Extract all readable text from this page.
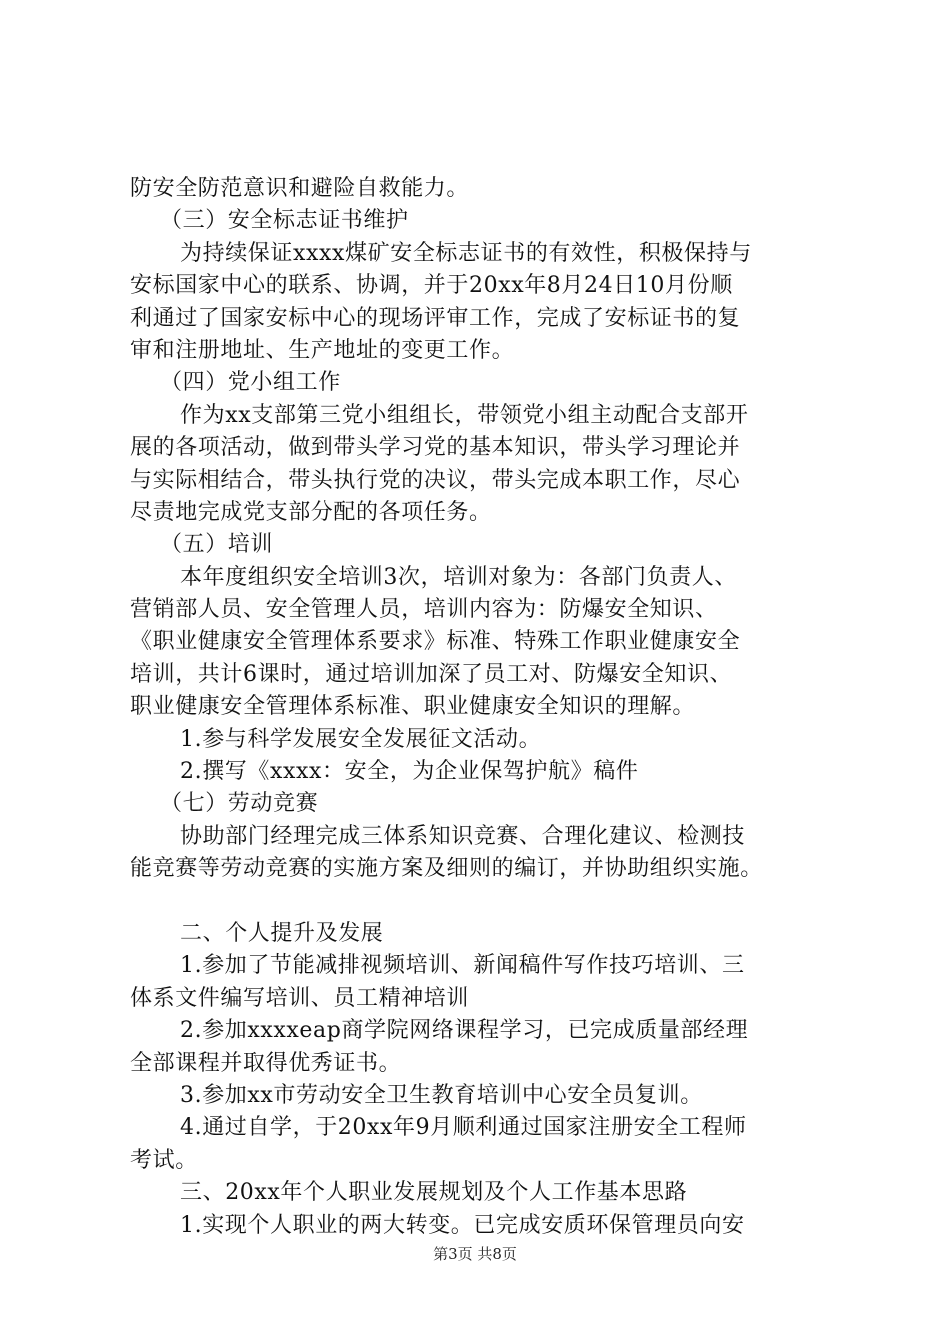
防安全防范意识和避险自救能力。
（三）安全标志证书维护
为持续保证xxxx煤矿安全标志证书的有效性，积极保持与
安标国家中心的联系、协调，并于20xx年8月24日10月份顺
利通过了国家安标中心的现场评审工作，完成了安标证书的复
审和注册地址、生产地址的变更工作。
（四）党小组工作
作为xx支部第三党小组组长，带领党小组主动配合支部开
展的各项活动，做到带头学习党的基本知识，带头学习理论并
与实际相结合，带头执行党的决议，带头完成本职工作，尽心
尽责地完成党支部分配的各项任务。
（五）培训
本年度组织安全培训3次，培训对象为：各部门负责人、
营销部人员、安全管理人员，培训内容为：防爆安全知识、
《职业健康安全管理体系要求》标准、特殊工作职业健康安全
培训，共计6课时，通过培训加深了员工对、防爆安全知识、
职业健康安全管理体系标准、职业健康安全知识的理解。
1.参与科学发展安全发展征文活动。
2.撰写《xxxx：安全，为企业保驾护航》稿件
（七）劳动竞赛
协助部门经理完成三体系知识竞赛、合理化建议、检测技
能竞赛等劳动竞赛的实施方案及细则的编订，并协助组织实施。
二、个人提升及发展
1.参加了节能减排视频培训、新闻稿件写作技巧培训、三
体系文件编写培训、员工精神培训
2.参加xxxxeap商学院网络课程学习，已完成质量部经理
全部课程并取得优秀证书。
3.参加xx市劳动安全卫生教育培训中心安全员复训。
4.通过自学，于20xx年9月顺利通过国家注册安全工程师
考试。
三、20xx年个人职业发展规划及个人工作基本思路
1.实现个人职业的两大转变。已完成安质环保管理员向安
第3页 共8页
